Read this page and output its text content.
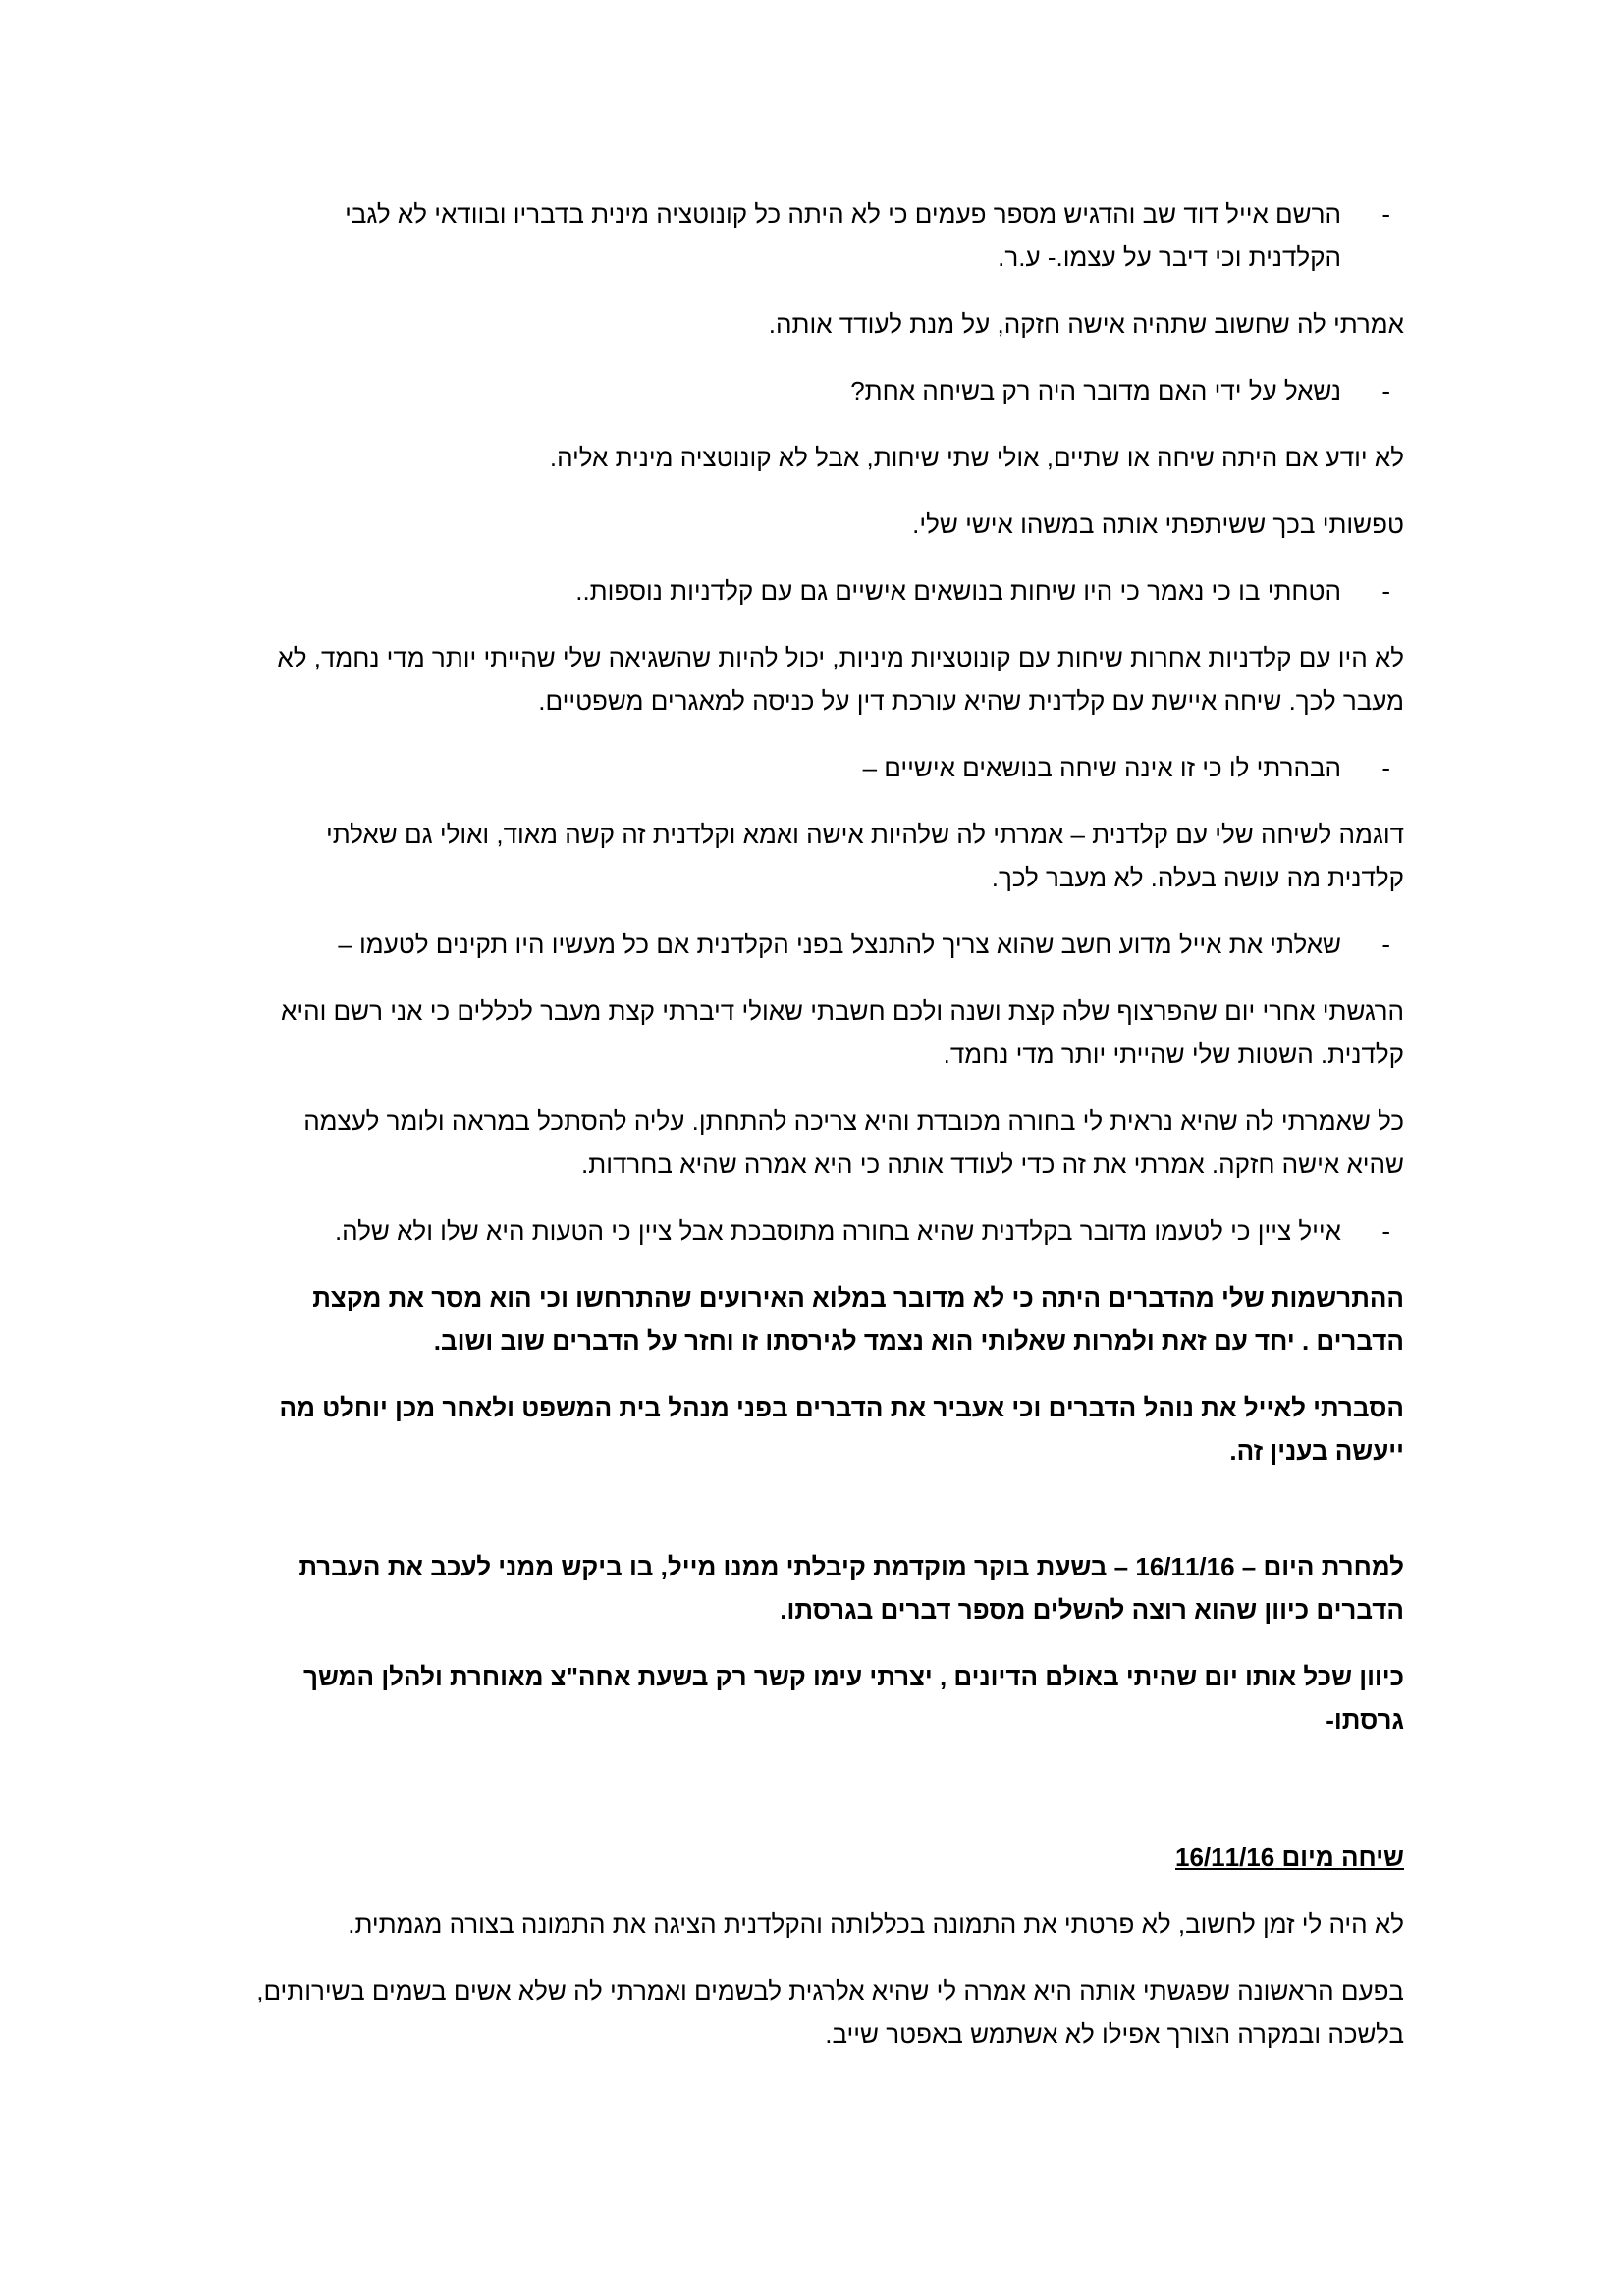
-
הרשם אייל דוד שב והדגיש מספר פעמים כי לא היתה כל קונוטציה מינית בדבריו ובוודאי לא לגבי הקלדנית וכי דיבר על עצמו.- ע.ר.

אמרתי לה שחשוב שתהיה אישה חזקה, על מנת לעודד אותה.

-
נשאל על ידי האם מדובר היה רק בשיחה אחת?

לא יודע אם היתה שיחה או שתיים, אולי שתי שיחות, אבל לא קונוטציה מינית אליה.

טפשותי בכך ששיתפתי אותה במשהו אישי שלי.

-
הטחתי בו כי נאמר כי היו שיחות בנושאים אישיים גם עם קלדניות נוספות..

לא היו עם קלדניות אחרות שיחות עם קונוטציות מיניות, יכול להיות שהשגיאה שלי שהייתי יותר מדי נחמד, לא מעבר לכך. שיחה איישת עם קלדנית שהיא עורכת דין על כניסה למאגרים משפטיים.

-
הבהרתי לו כי זו אינה שיחה בנושאים אישיים –

דוגמה לשיחה שלי עם קלדנית – אמרתי לה שלהיות אישה ואמא וקלדנית זה קשה מאוד, ואולי גם שאלתי קלדנית מה עושה בעלה. לא מעבר לכך.

-
שאלתי את אייל מדוע חשב שהוא צריך להתנצל בפני הקלדנית אם כל מעשיו היו תקינים לטעמו –

הרגשתי אחרי יום שהפרצוף שלה קצת ושנה ולכם חשבתי שאולי דיברתי קצת מעבר לכללים כי אני רשם והיא קלדנית. השטות שלי שהייתי יותר מדי נחמד.

כל שאמרתי לה שהיא נראית לי בחורה מכובדת והיא צריכה להתחתן. עליה להסתכל במראה ולומר לעצמה שהיא אישה חזקה. אמרתי את זה כדי לעודד אותה כי היא אמרה שהיא בחרדות.

-
אייל ציין כי לטעמו מדובר בקלדנית שהיא בחורה מתוסבכת אבל ציין כי הטעות היא שלו ולא שלה.

ההתרשמות שלי מהדברים היתה כי לא מדובר במלוא האירועים שהתרחשו וכי הוא מסר את מקצת הדברים . יחד עם זאת ולמרות שאלותי הוא נצמד לגירסתו זו וחזר על הדברים שוב ושוב.

הסברתי לאייל את נוהל הדברים וכי אעביר את הדברים בפני מנהל בית המשפט ולאחר מכן יוחלט מה ייעשה בענין זה.

למחרת היום – 16/11/16 – בשעת בוקר מוקדמת קיבלתי ממנו מייל, בו ביקש ממני לעכב את העברת הדברים כיוון שהוא רוצה להשלים מספר דברים בגרסתו.

כיוון שכל אותו יום שהיתי באולם הדיונים , יצרתי עימו קשר רק בשעת אחה"צ מאוחרת ולהלן המשך גרסתו-

שיחה מיום 16/11/16

לא היה לי זמן לחשוב, לא פרטתי את התמונה בכללותה והקלדנית הציגה את התמונה בצורה מגמתית.

בפעם הראשונה שפגשתי אותה היא אמרה לי שהיא אלרגית לבשמים ואמרתי לה שלא אשים בשמים בשירותים, בלשכה ובמקרה הצורך אפילו לא אשתמש באפטר שייב.
